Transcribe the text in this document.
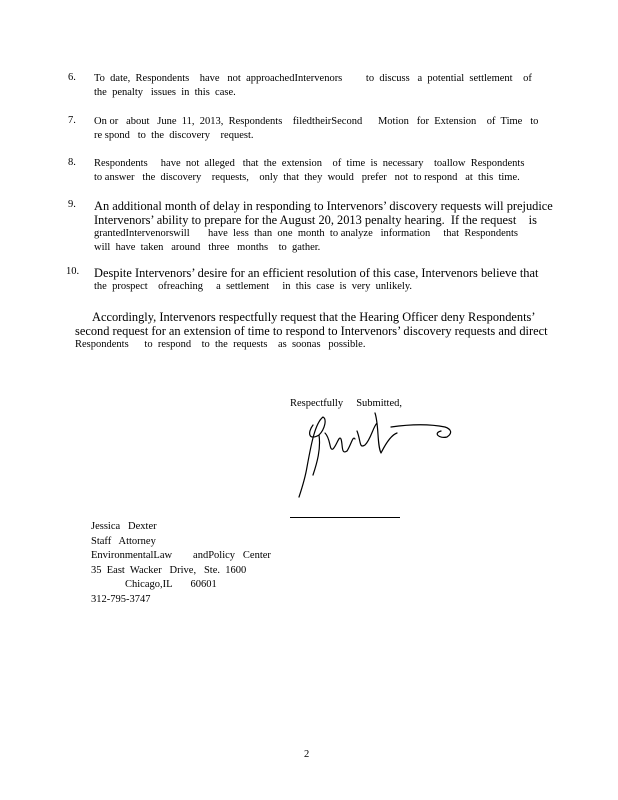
6. To  date,  Respondents    have   not  approachedIntervenors         to  discuss   a  potential  settlement    of
the  penalty   issues  in  this  case.
7. On or   about   June  11,  2013,  Respondents    filedtheirSecond      Motion   for  Extension    of  Time   to
re spond   to  the  discovery    request.
8. Respondents     have  not  alleged   that  the  extension    of  time  is  necessary    toallow  Respondents
to answer   the  discovery    requests,    only  that  they  would   prefer   not  to respond   at  this  time.
9. An additional month of delay in responding to Intervenors’ discovery requests will prejudice
Intervenors’ ability to prepare for the August 20, 2013 penalty hearing.  If the request    is
grantedIntervenorswill       have  less  than  one  month  to analyze   information     that  Respondents
will  have  taken   around   three   months    to  gather.
10. Despite Intervenors’ desire for an efficient resolution of this case, Intervenors believe that
the  prospect    ofreaching     a  settlement     in  this  case  is  very  unlikely.
Accordingly, Intervenors respectfully request that the Hearing Officer deny Respondents’
second request for an extension of time to respond to Intervenors’ discovery requests and direct
Respondents      to  respond    to  the  requests    as  soonas   possible.
Respectfully     Submitted,
Jessica   Dexter
Staff   Attorney
EnvironmentalLaw        andPolicy   Center
35  East  Wacker   Drive,   Ste.  1600
Chicago,IL       60601
312-795-3747
2
